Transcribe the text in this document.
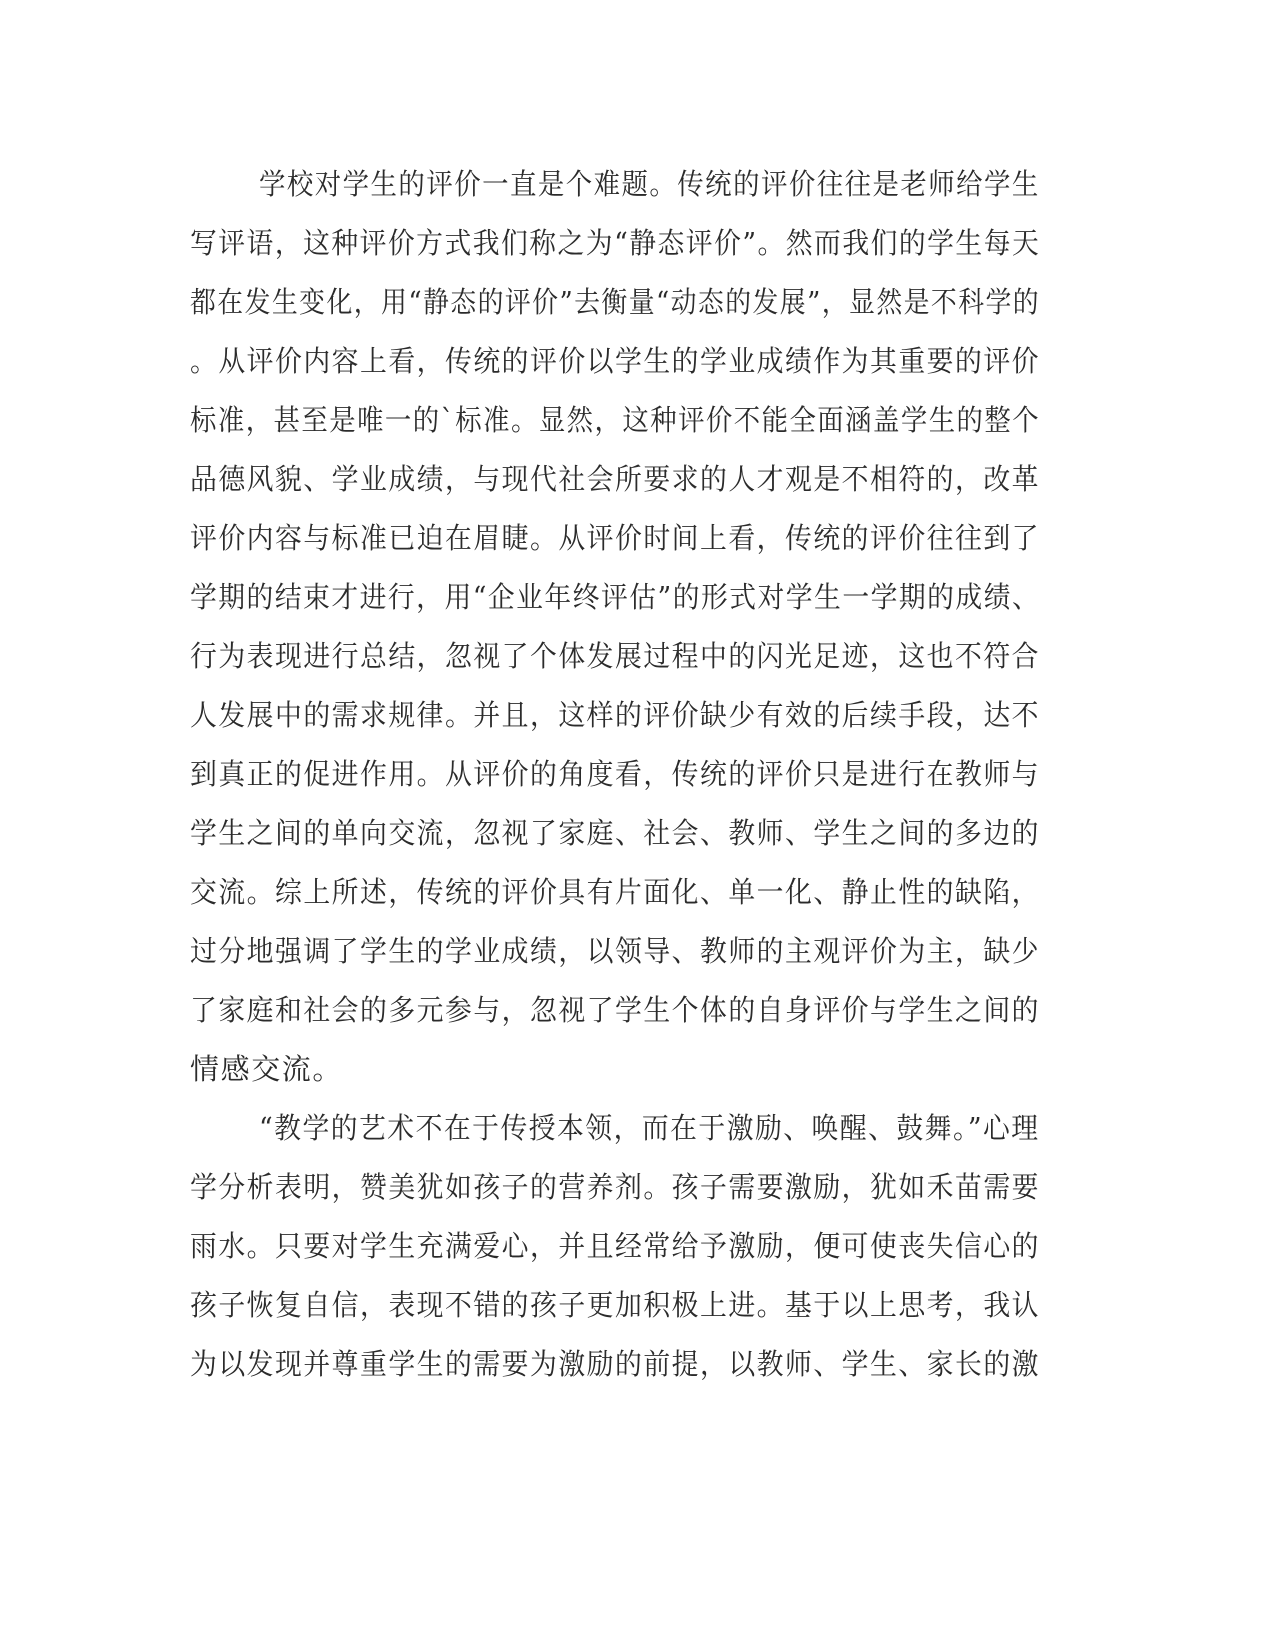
学校对学生的评价一直是个难题。传统的评价往往是老师给学生
写评语，这种评价方式我们称之为“静态评价”。然而我们的学生每天
都在发生变化，用“静态的评价”去衡量“动态的发展”，显然是不科学的
。从评价内容上看，传统的评价以学生的学业成绩作为其重要的评价
标准，甚至是唯一的`标准。显然，这种评价不能全面涵盖学生的整个
品德风貌、学业成绩，与现代社会所要求的人才观是不相符的，改革
评价内容与标准已迫在眉睫。从评价时间上看，传统的评价往往到了
学期的结束才进行，用“企业年终评估”的形式对学生一学期的成绩、
行为表现进行总结，忽视了个体发展过程中的闪光足迹，这也不符合
人发展中的需求规律。并且，这样的评价缺少有效的后续手段，达不
到真正的促进作用。从评价的角度看，传统的评价只是进行在教师与
学生之间的单向交流，忽视了家庭、社会、教师、学生之间的多边的
交流。综上所述，传统的评价具有片面化、单一化、静止性的缺陷，
过分地强调了学生的学业成绩，以领导、教师的主观评价为主，缺少
了家庭和社会的多元参与，忽视了学生个体的自身评价与学生之间的
情感交流。
“教学的艺术不在于传授本领，而在于激励、唤醒、鼓舞。”心理
学分析表明，赞美犹如孩子的营养剂。孩子需要激励，犹如禾苗需要
雨水。只要对学生充满爱心，并且经常给予激励，便可使丧失信心的
孩子恢复自信，表现不错的孩子更加积极上进。基于以上思考，我认
为以发现并尊重学生的需要为激励的前提，以教师、学生、家长的激
